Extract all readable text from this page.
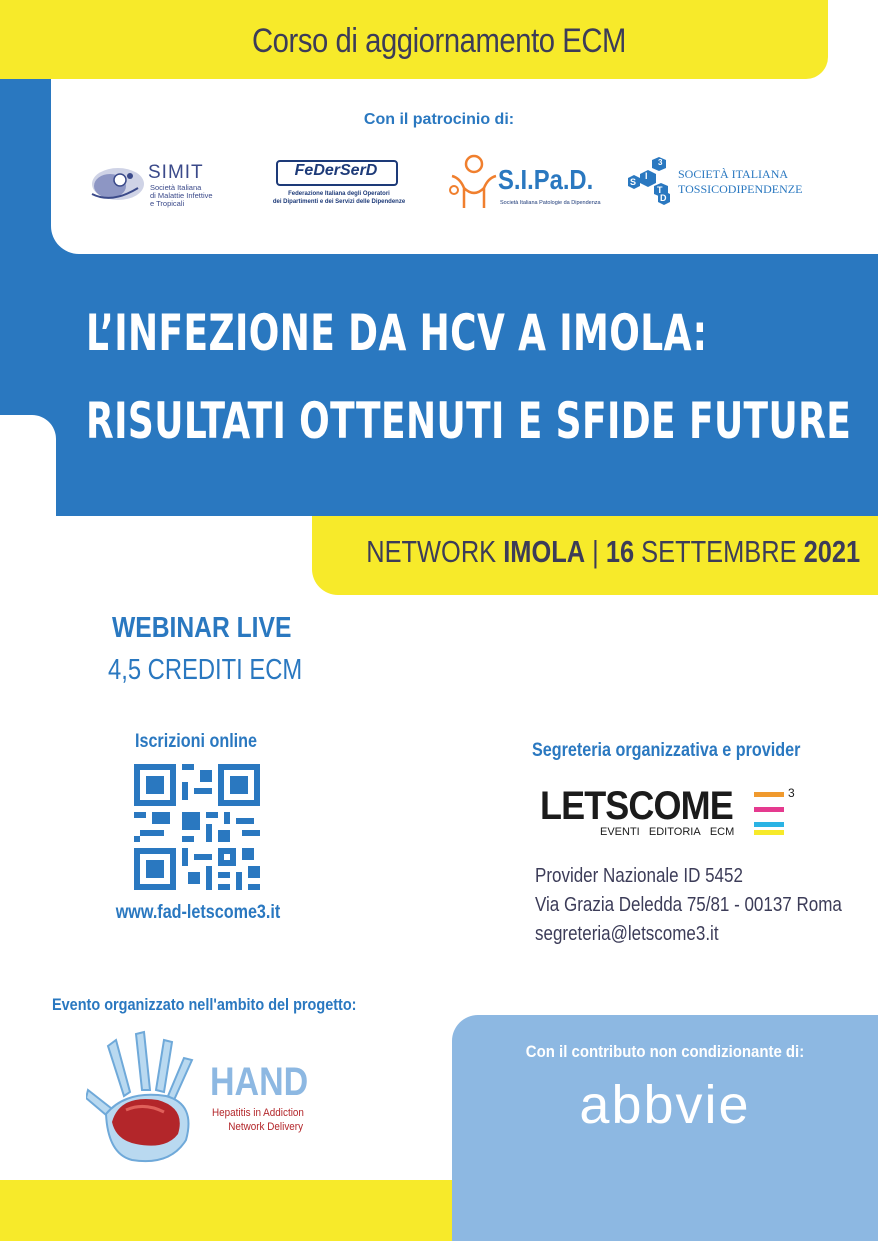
Corso di aggiornamento ECM
Con il patrocinio di:
SIMIT
Società Italiana
di Malattie Infettive
e Tropicali
FeDerSerD
Federazione Italiana degli Operatori
dei Dipartimenti e dei Servizi delle Dipendenze
S.I.Pa.D.
Società Italiana Patologie da Dipendenza
S
I
T
D
3
SOCIETÀ ITALIANA
TOSSICODIPENDENZE
L’INFEZIONE DA HCV A IMOLA:
RISULTATI OTTENUTI E SFIDE FUTURE
NETWORK IMOLA | 16 SETTEMBRE 2021
WEBINAR LIVE
4,5 CREDITI ECM
Iscrizioni online
www.fad-letscome3.it
Segreteria organizzativa e provider
LETSCOME	3
EVENTI EDITORIA ECM
Provider Nazionale ID 5452
Via Grazia Deledda 75/81 - 00137 Roma
segreteria@letscome3.it
Evento organizzato nell'ambito del progetto:
HAND
Hepatitis in Addiction
Network Delivery
Con il contributo non condizionante di:
abbvie
